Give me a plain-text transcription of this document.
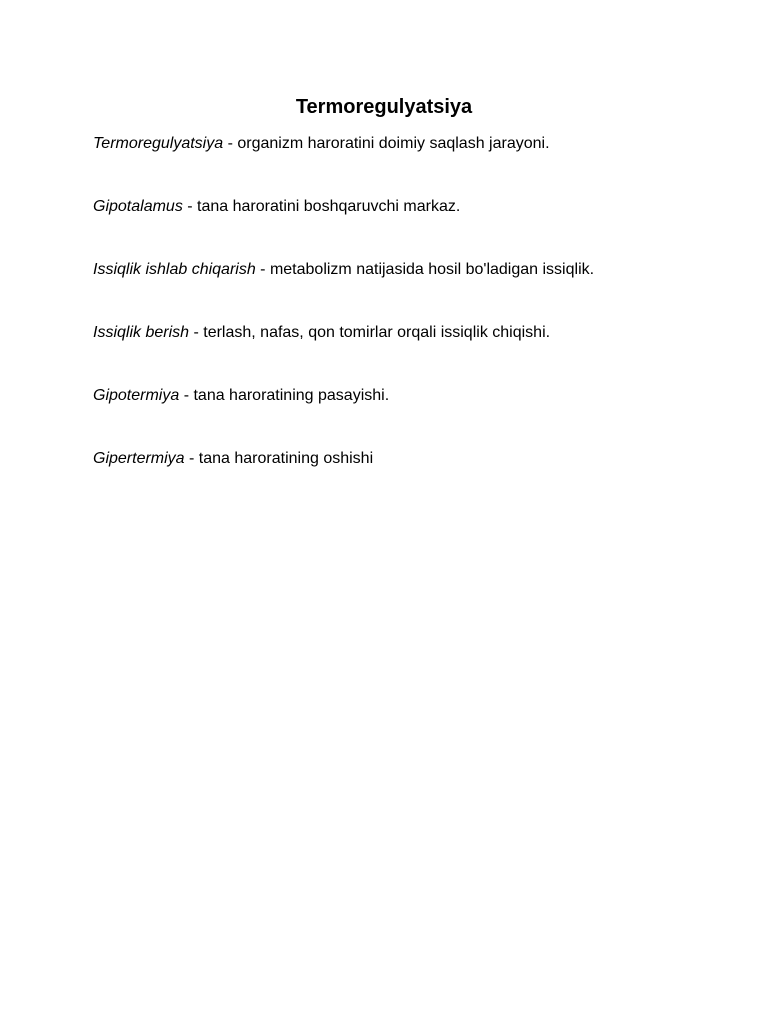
Termoregulyatsiya

Termoregulyatsiya - organizm haroratini doimiy saqlash jarayoni.

Gipotalamus - tana haroratini boshqaruvchi markaz.

Issiqlik ishlab chiqarish - metabolizm natijasida hosil bo'ladigan issiqlik.

Issiqlik berish - terlash, nafas, qon tomirlar orqali issiqlik chiqishi.

Gipotermiya - tana haroratining pasayishi.

Gipertermiya - tana haroratining oshishi
